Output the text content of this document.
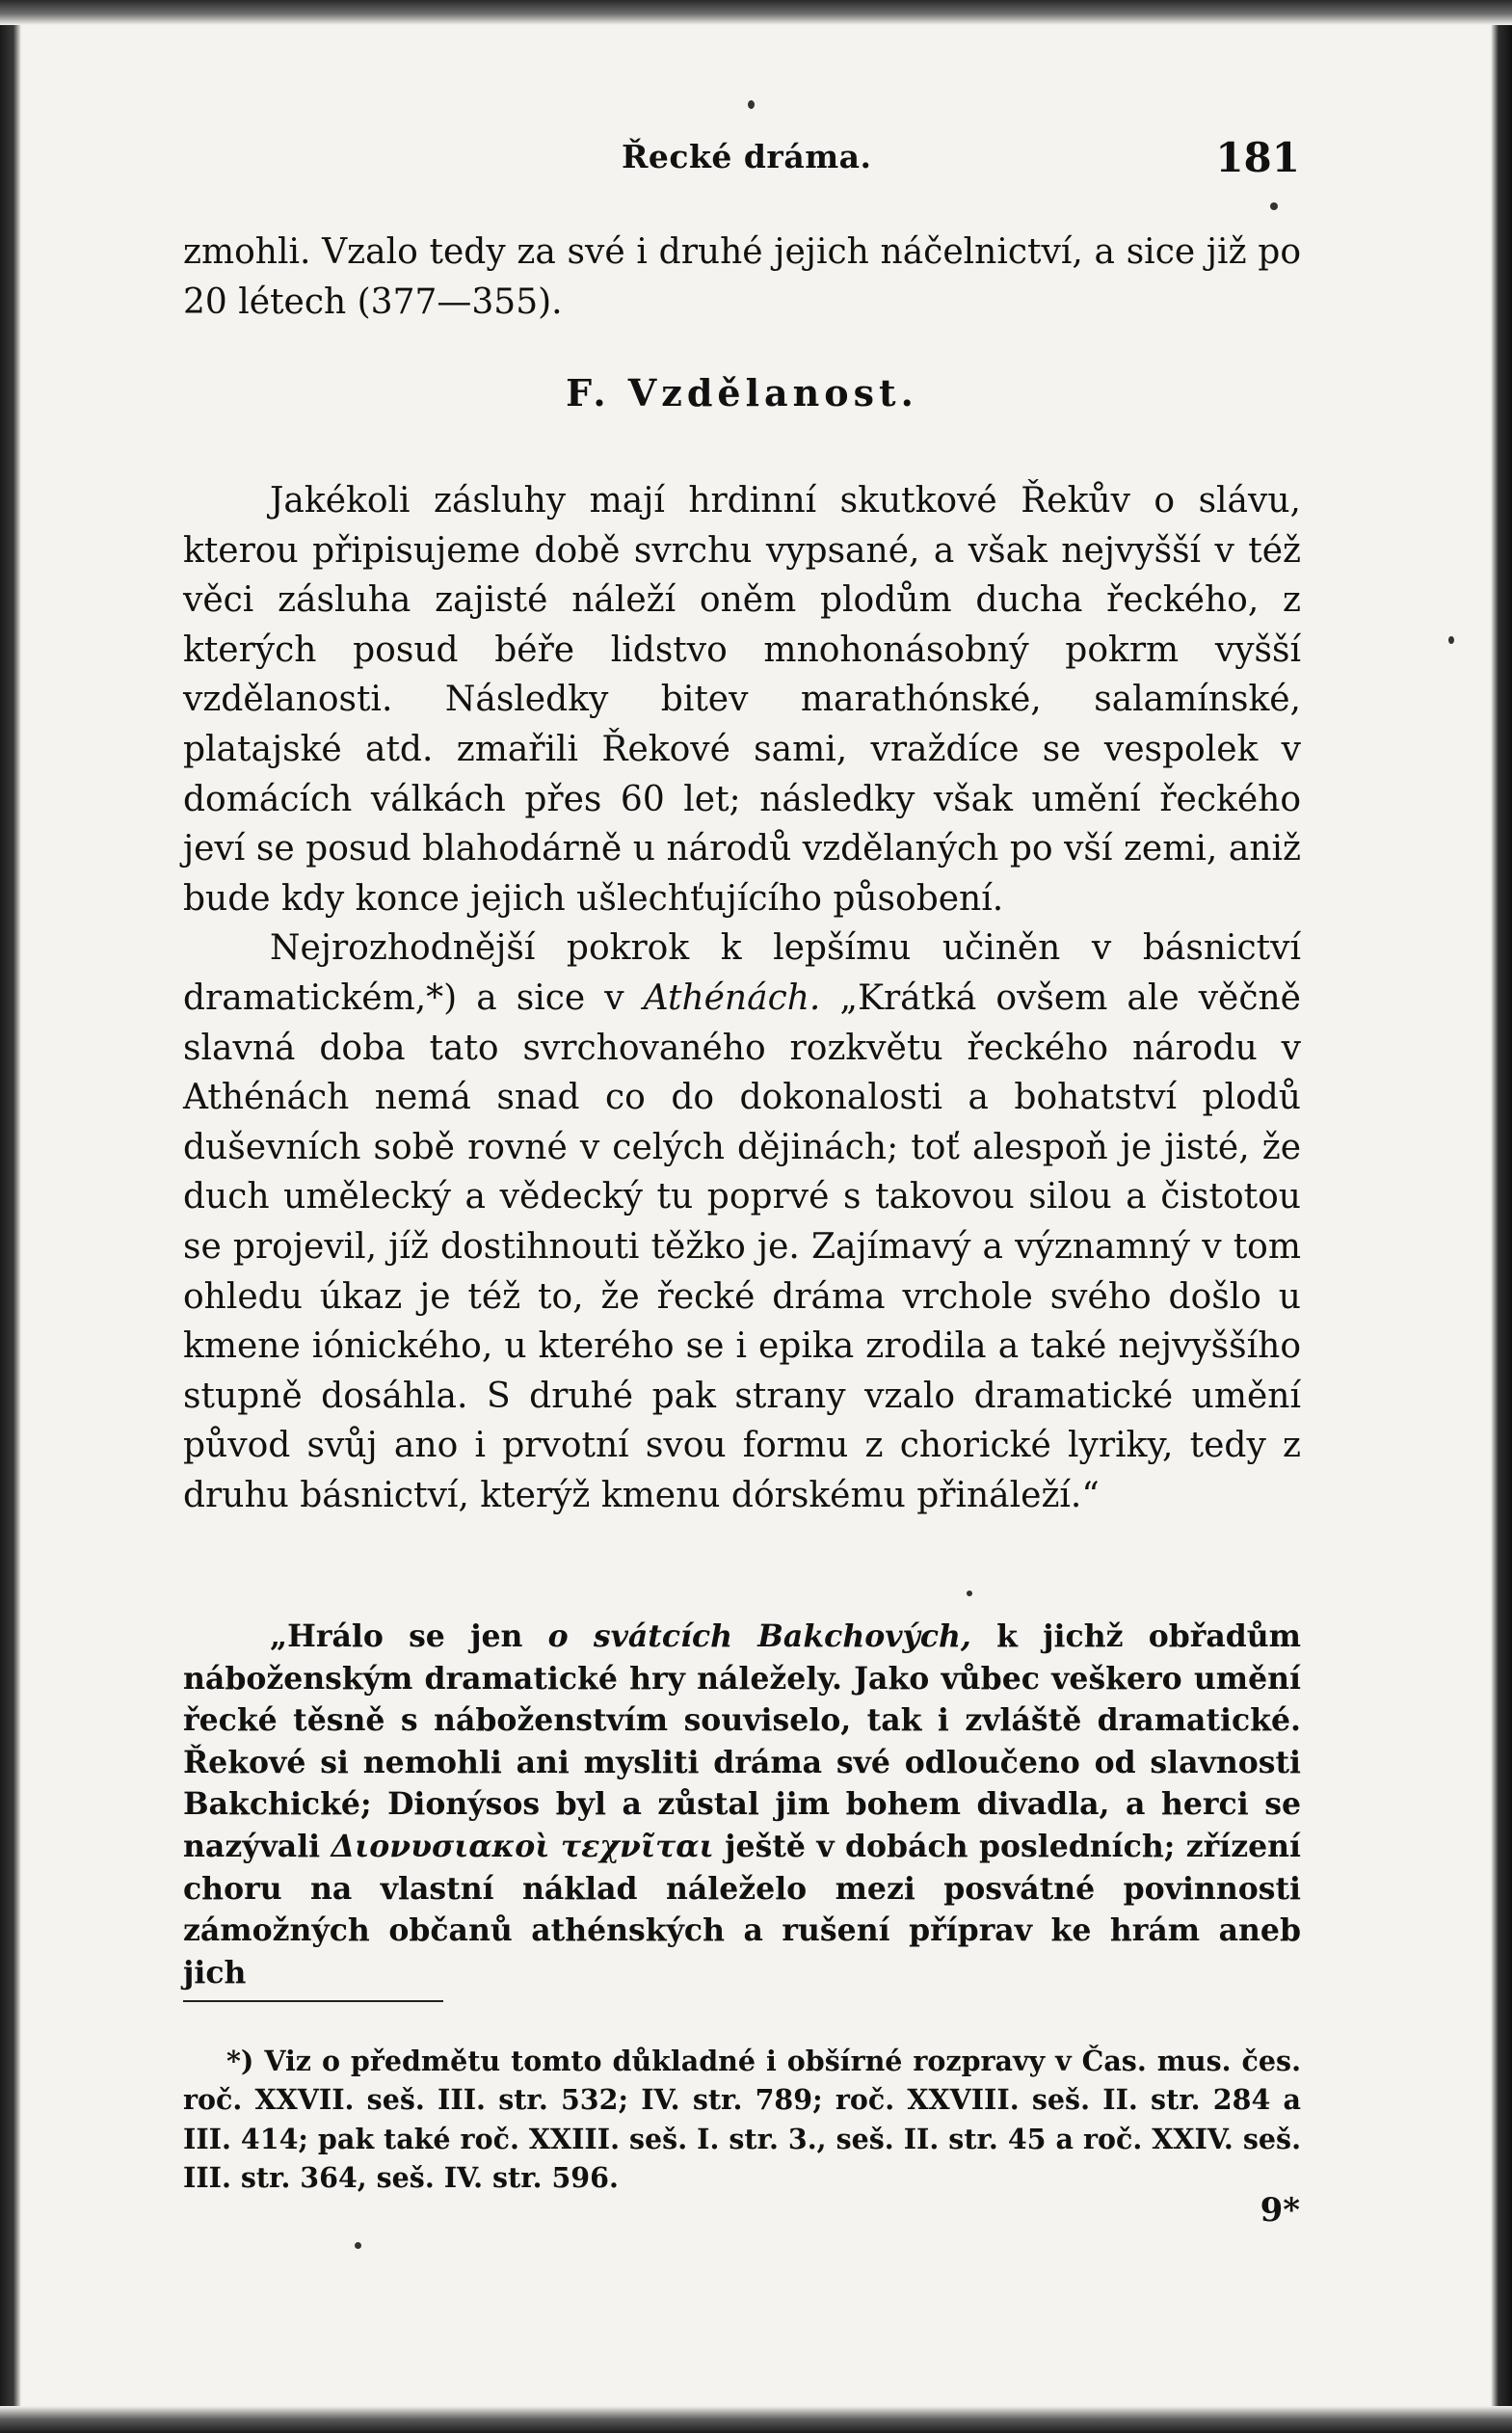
Řecké dráma.	181

zmohli. Vzalo tedy za své i druhé jejich náčelnictví, a sice již po 20 létech (377—355).

F. Vzdělanost.

Jakékoli zásluhy mají hrdinní skutkové Řekův o slávu, kterou připisujeme době svrchu vypsané, a však nejvyšší v též věci zásluha zajisté náleží oněm plodům ducha řeckého, z kterých posud béře lidstvo mnohonásobný pokrm vyšší vzdělanosti. Následky bitev marathónské, salamínské, platajské atd. zmařili Řekové sami, vraždíce se vespolek v domácích válkách přes 60 let; následky však umění řeckého jeví se posud blahodárně u národů vzdělaných po vší zemi, aniž bude kdy konce jejich ušlechťujícího působení.

Nejrozhodnější pokrok k lepšímu učiněn v básnictví dramatickém,*) a sice v Athénách. „Krátká ovšem ale věčně slavná doba tato svrchovaného rozkvětu řeckého národu v Athénách nemá snad co do dokonalosti a bohatství plodů duševních sobě rovné v celých dějinách; toť alespoň je jisté, že duch umělecký a vědecký tu poprvé s takovou silou a čistotou se projevil, jíž dostihnouti těžko je. Zajímavý a významný v tom ohledu úkaz je též to, že řecké dráma vrchole svého došlo u kmene iónického, u kterého se i epika zrodila a také nejvyššího stupně dosáhla. S druhé pak strany vzalo dramatické umění původ svůj ano i prvotní svou formu z chorické lyriky, tedy z druhu básnictví, kterýž kmenu dórskému přináleží.“

„Hrálo se jen o svátcích Bakchových, k jichž obřadům náboženským dramatické hry náležely. Jako vůbec veškero umění řecké těsně s náboženstvím souviselo, tak i zvláště dramatické. Řekové si nemohli ani mysliti dráma své odloučeno od slavnosti Bakchické; Dionýsos byl a zůstal jim bohem divadla, a herci se nazývali Διονυσιακοὶ τεχνῖται ještě v dobách posledních; zřízení choru na vlastní náklad náleželo mezi posvátné povinnosti zámožných občanů athénských a rušení příprav ke hrám aneb jich

*) Viz o předmětu tomto důkladné i obšírné rozpravy v Čas. mus. čes. roč. XXVII. seš. III. str. 532; IV. str. 789; roč. XXVIII. seš. II. str. 284 a III. 414; pak také roč. XXIII. seš. I. str. 3., seš. II. str. 45 a roč. XXIV. seš. III. str. 364, seš. IV. str. 596.

9*
